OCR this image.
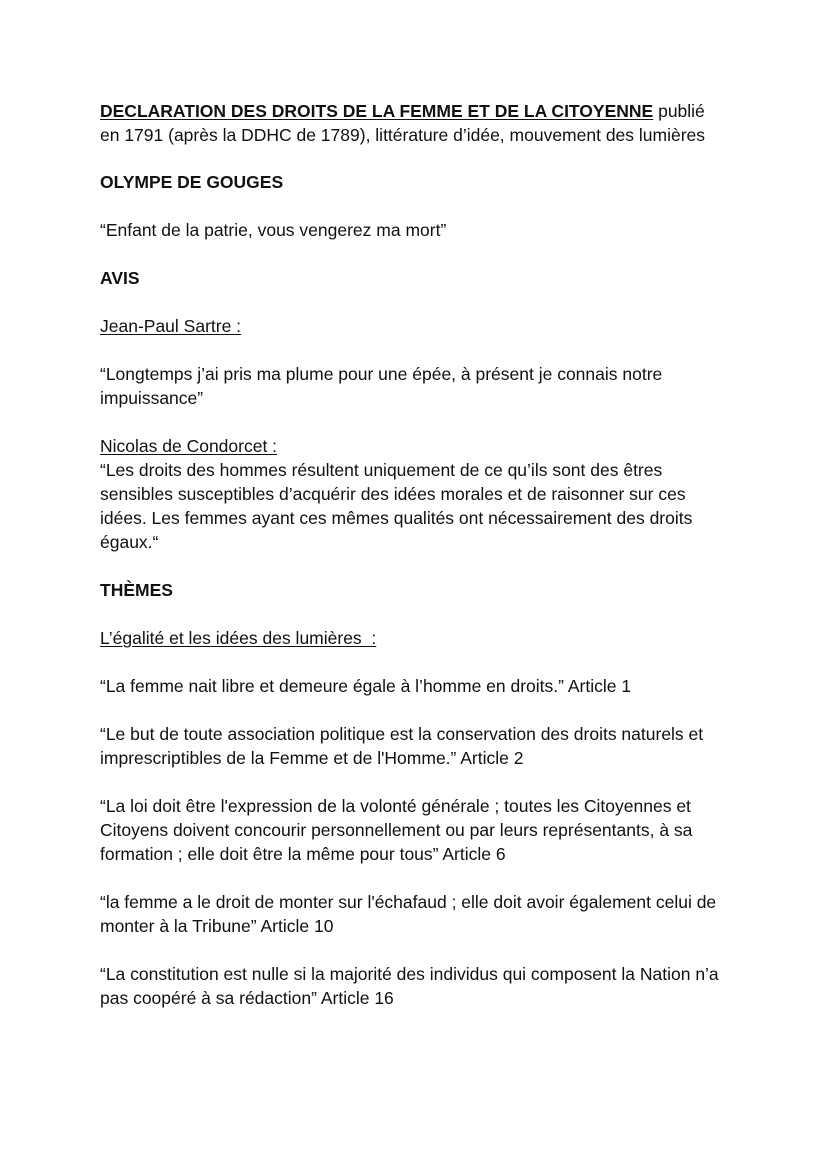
DECLARATION DES DROITS DE LA FEMME ET DE LA CITOYENNE publié
en 1791 (après la DDHC de 1789), littérature d’idée, mouvement des lumières

OLYMPE DE GOUGES

“Enfant de la patrie, vous vengerez ma mort”

AVIS

Jean-Paul Sartre :

“Longtemps j’ai pris ma plume pour une épée, à présent je connais notre impuissance”

Nicolas de Condorcet :

“Les droits des hommes résultent uniquement de ce qu’ils sont des êtres sensibles susceptibles d’acquérir des idées morales et de raisonner sur ces idées. Les femmes ayant ces mêmes qualités ont nécessairement des droits égaux.“

THÈMES

L’égalité et les idées des lumières  :

“La femme nait libre et demeure égale à l’homme en droits.” Article 1

“Le but de toute association politique est la conservation des droits naturels et imprescriptibles de la Femme et de l'Homme.” Article 2

“La loi doit être l'expression de la volonté générale ; toutes les Citoyennes et Citoyens doivent concourir personnellement ou par leurs représentants, à sa formation ; elle doit être la même pour tous” Article 6

“la femme a le droit de monter sur l'échafaud ; elle doit avoir également celui de monter à la Tribune” Article 10

“La constitution est nulle si la majorité des individus qui composent la Nation n’a pas coopéré à sa rédaction” Article 16
